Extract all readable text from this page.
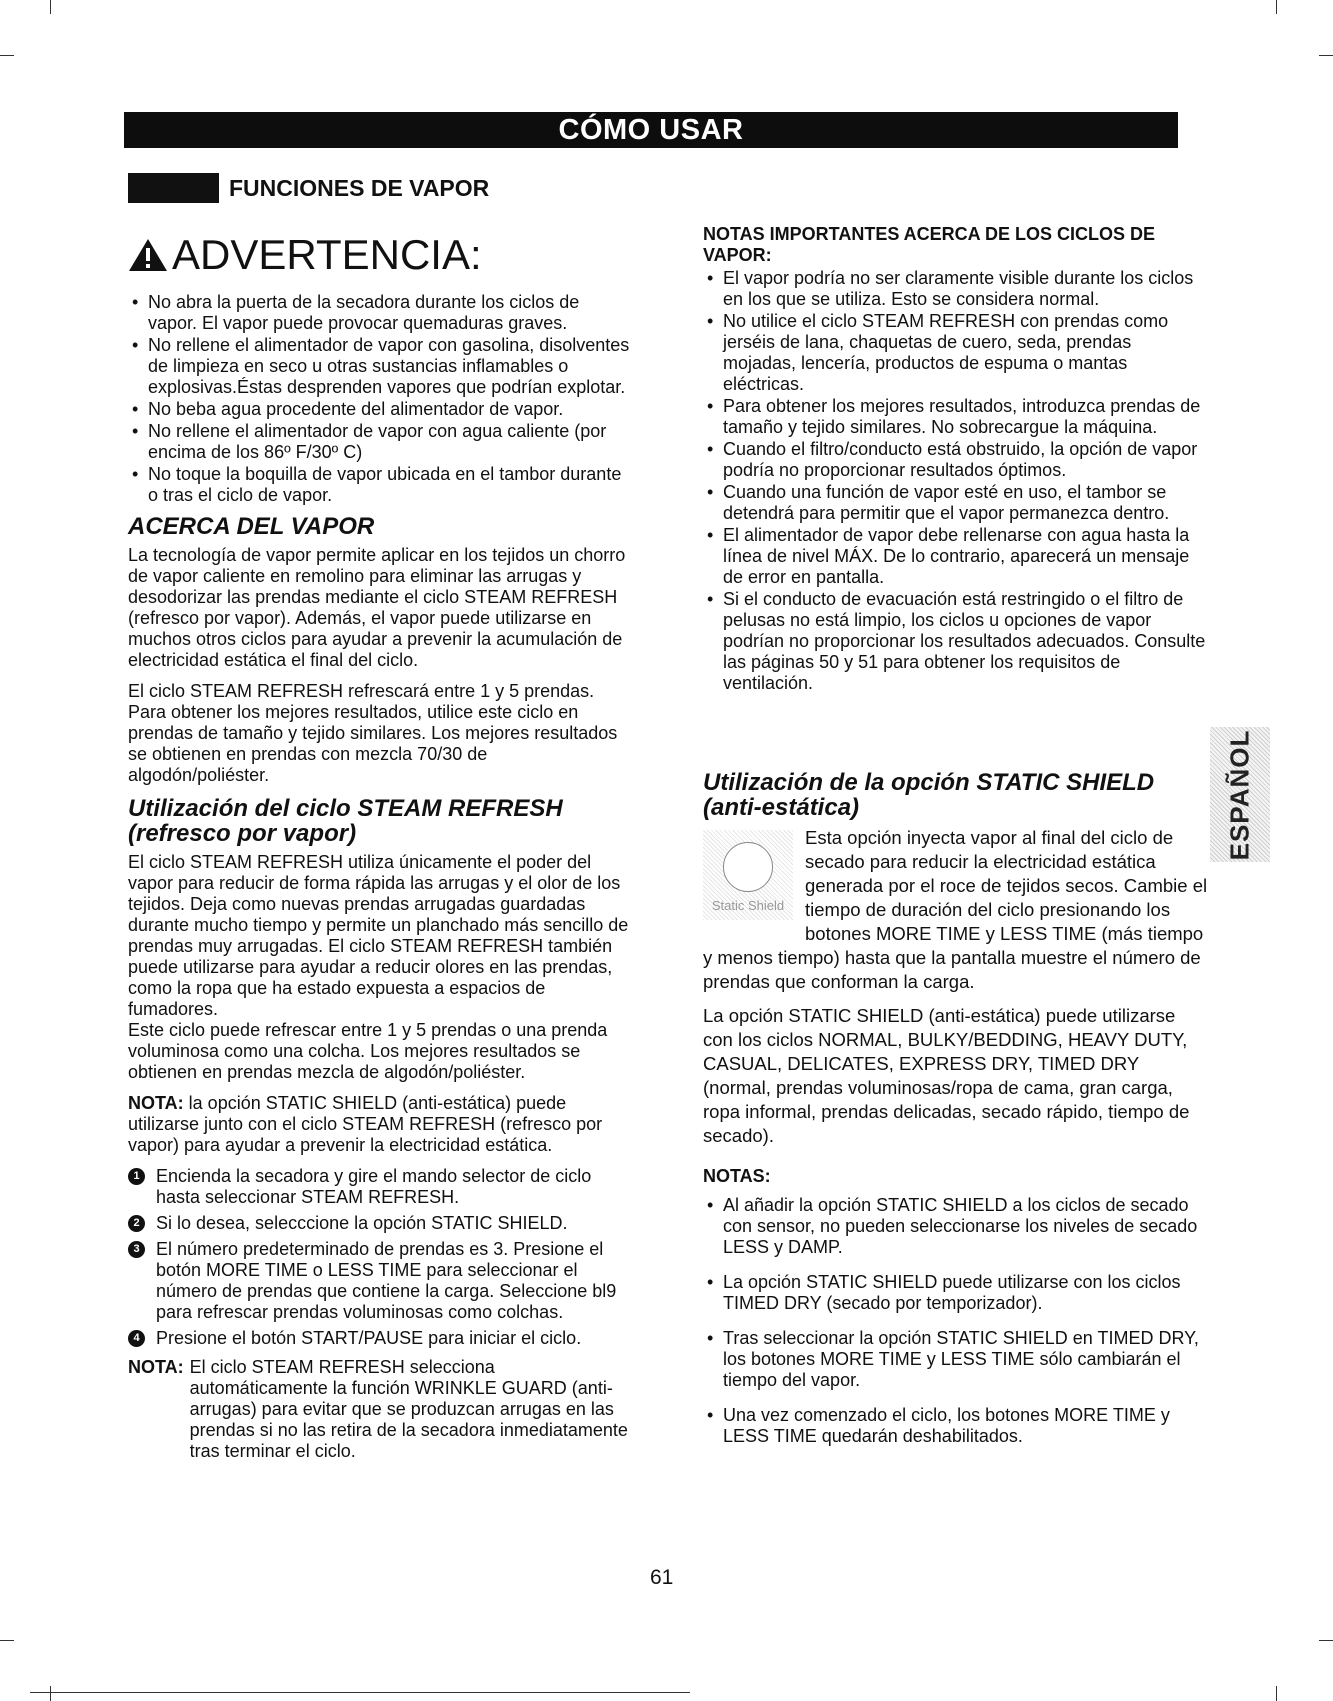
CÓMO USAR
FUNCIONES DE VAPOR
ADVERTENCIA:
• No abra la puerta de la secadora durante los ciclos de vapor. El vapor puede provocar quemaduras graves.
• No rellene el alimentador de vapor con gasolina, disolventes de limpieza en seco u otras sustancias inflamables o explosivas.Éstas desprenden vapores que podrían explotar.
• No beba agua procedente del alimentador de vapor.
• No rellene el alimentador de vapor con agua caliente (por encima de los 86º F/30º C)
• No toque la boquilla de vapor ubicada en el tambor durante o tras el ciclo de vapor.
ACERCA DEL VAPOR

La tecnología de vapor permite aplicar en los tejidos un chorro de vapor caliente en remolino para eliminar las arrugas y desodorizar las prendas mediante el ciclo STEAM REFRESH (refresco por vapor). Además, el vapor puede utilizarse en muchos otros ciclos para ayudar a prevenir la acumulación de electricidad estática el final del ciclo.

El ciclo STEAM REFRESH refrescará entre 1 y 5 prendas. Para obtener los mejores resultados, utilice este ciclo en prendas de tamaño y tejido similares. Los mejores resultados se obtienen en prendas con mezcla 70/30 de algodón/poliéster.

Utilización del ciclo STEAM REFRESH (refresco por vapor)

El ciclo STEAM REFRESH utiliza únicamente el poder del vapor para reducir de forma rápida las arrugas y el olor de los tejidos. Deja como nuevas prendas arrugadas guardadas durante mucho tiempo y permite un planchado más sencillo de prendas muy arrugadas. El ciclo STEAM REFRESH también puede utilizarse para ayudar a reducir olores en las prendas, como la ropa que ha estado expuesta a espacios de fumadores.
Este ciclo puede refrescar entre 1 y 5 prendas o una prenda voluminosa como una colcha. Los mejores resultados se obtienen en prendas mezcla de algodón/poliéster.

NOTA: la opción STATIC SHIELD (anti-estática) puede utilizarse junto con el ciclo STEAM REFRESH (refresco por vapor) para ayudar a prevenir la electricidad estática.

1 Encienda la secadora y gire el mando selector de ciclo hasta seleccionar STEAM REFRESH.
2 Si lo desea, selecccione la opción STATIC SHIELD.
3 El número predeterminado de prendas es 3. Presione el botón MORE TIME o LESS TIME para seleccionar el número de prendas que contiene la carga. Seleccione bl9 para refrescar prendas voluminosas como colchas.
4 Presione el botón START/PAUSE para iniciar el ciclo.
NOTA: El ciclo STEAM REFRESH selecciona automáticamente la función WRINKLE GUARD (anti-arrugas) para evitar que se produzcan arrugas en las prendas si no las retira de la secadora inmediatamente tras terminar el ciclo.
NOTAS IMPORTANTES ACERCA DE LOS CICLOS DE VAPOR:
• El vapor podría no ser claramente visible durante los ciclos en los que se utiliza. Esto se considera normal.
• No utilice el ciclo STEAM REFRESH con prendas como jerséis de lana, chaquetas de cuero, seda, prendas mojadas, lencería, productos de espuma o mantas eléctricas.
• Para obtener los mejores resultados, introduzca prendas de tamaño y tejido similares. No sobrecargue la máquina.
• Cuando el filtro/conducto está obstruido, la opción de vapor podría no proporcionar resultados óptimos.
• Cuando una función de vapor esté en uso, el tambor se detendrá para permitir que el vapor permanezca dentro.
• El alimentador de vapor debe rellenarse con agua hasta la línea de nivel MÁX. De lo contrario, aparecerá un mensaje de error en pantalla.
• Si el conducto de evacuación está restringido o el filtro de pelusas no está limpio, los ciclos u opciones de vapor podrían no proporcionar los resultados adecuados. Consulte las páginas 50 y 51 para obtener los requisitos de ventilación.
Utilización de la opción STATIC SHIELD (anti-estática)
Static Shield

Esta opción inyecta vapor al final del ciclo de secado para reducir la electricidad estática generada por el roce de tejidos secos. Cambie el tiempo de duración del ciclo presionando los botones MORE TIME y LESS TIME (más tiempo y menos tiempo) hasta que la pantalla muestre el número de prendas que conforman la carga.

La opción STATIC SHIELD (anti-estática) puede utilizarse con los ciclos NORMAL, BULKY/BEDDING, HEAVY DUTY, CASUAL, DELICATES, EXPRESS DRY, TIMED DRY (normal, prendas voluminosas/ropa de cama, gran carga, ropa informal, prendas delicadas, secado rápido, tiempo de secado).

NOTAS:
• Al añadir la opción STATIC SHIELD a los ciclos de secado con sensor, no pueden seleccionarse los niveles de secado LESS y DAMP.
• La opción STATIC SHIELD puede utilizarse con los ciclos TIMED DRY (secado por temporizador).
• Tras seleccionar la opción STATIC SHIELD en TIMED DRY, los botones MORE TIME y LESS TIME sólo cambiarán el tiempo del vapor.
• Una vez comenzado el ciclo, los botones MORE TIME y LESS TIME quedarán deshabilitados.
ESPAÑOL
61
